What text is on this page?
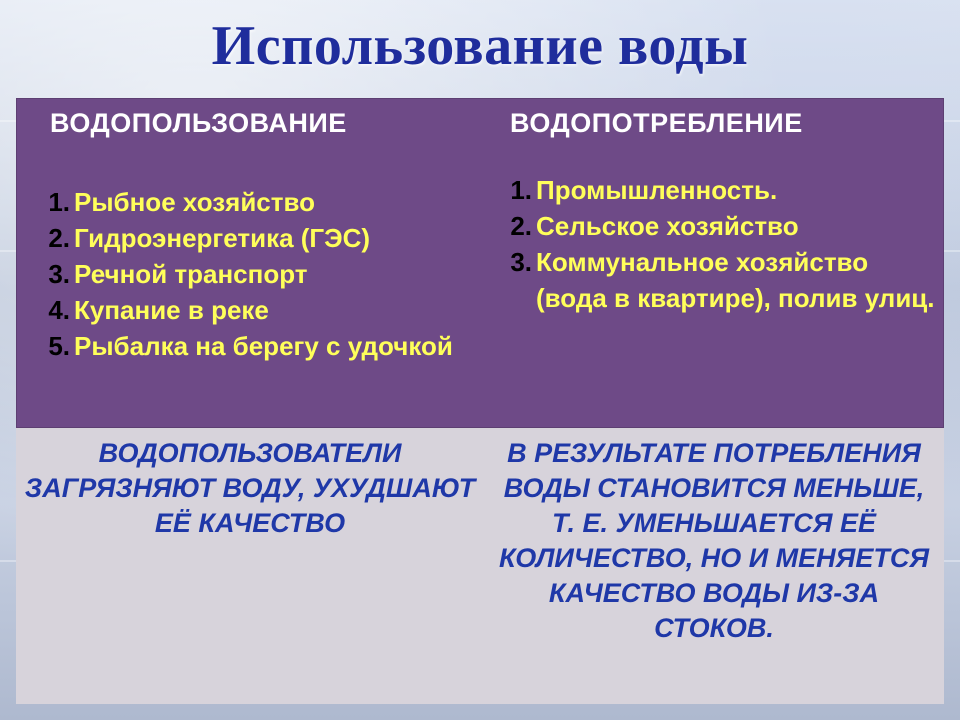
Использование воды
ВОДОПОЛЬЗОВАНИЕ	ВОДОПОТРЕБЛЕНИЕ
1. Рыбное хозяйство
2. Гидроэнергетика (ГЭС)
3. Речной транспорт
4. Купание в реке
5. Рыбалка на берегу с удочкой
1. Промышленность.
2. Сельское хозяйство
3. Коммунальное хозяйство (вода в квартире), полив улиц.
ВОДОПОЛЬЗОВАТЕЛИ ЗАГРЯЗНЯЮТ ВОДУ, УХУДШАЮТ ЕЁ КАЧЕСТВО
В РЕЗУЛЬТАТЕ ПОТРЕБЛЕНИЯ ВОДЫ СТАНОВИТСЯ МЕНЬШЕ, Т. Е. УМЕНЬШАЕТСЯ ЕЁ КОЛИЧЕСТВО, НО И МЕНЯЕТСЯ КАЧЕСТВО ВОДЫ ИЗ-ЗА СТОКОВ.
